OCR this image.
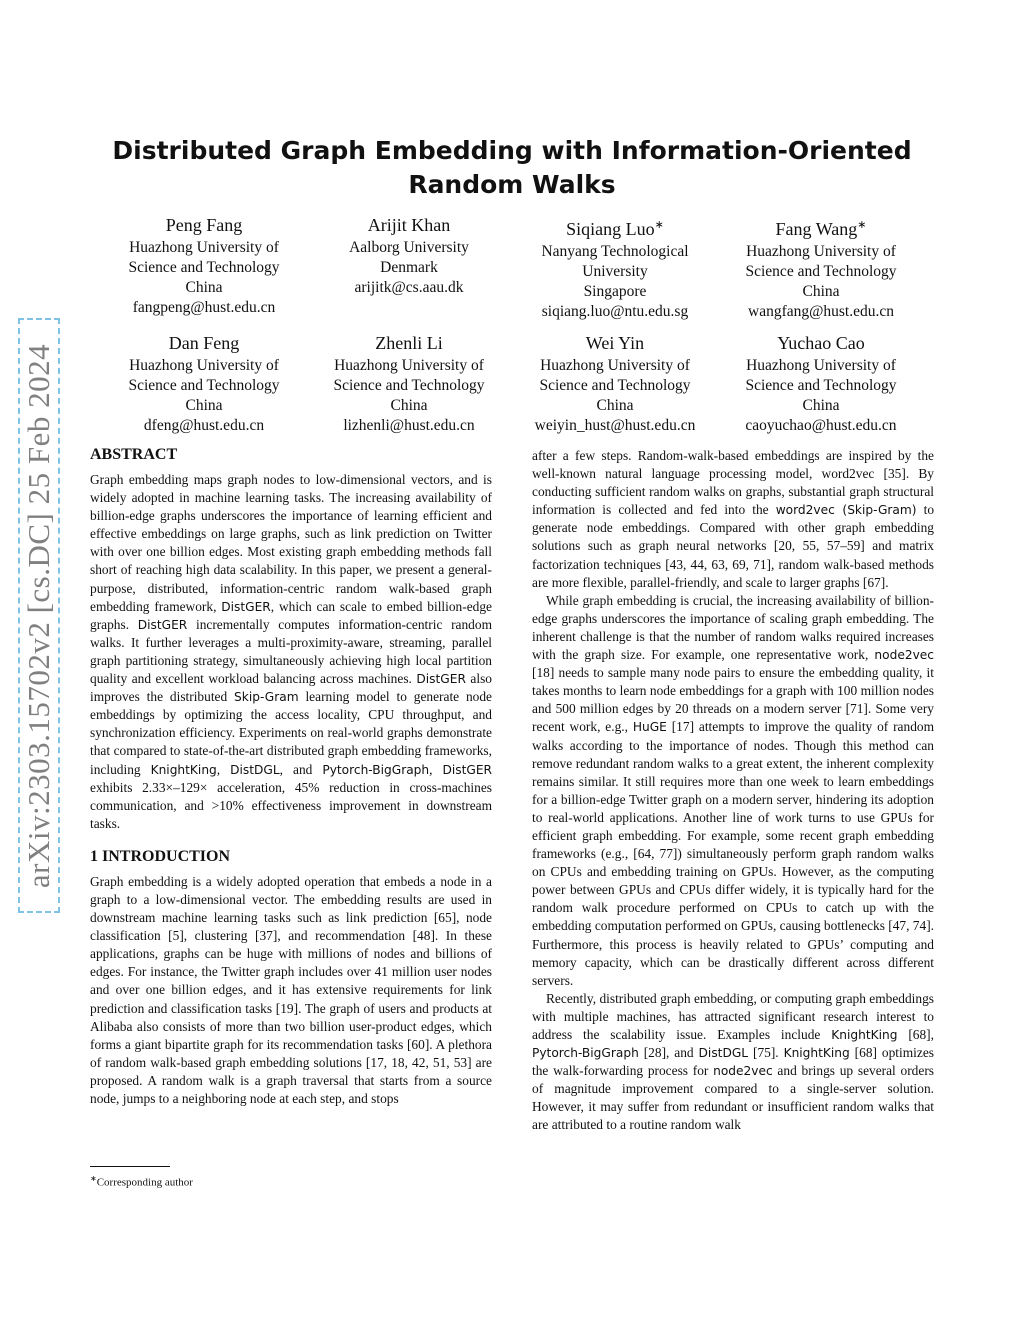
arXiv:2303.15702v2 [cs.DC] 25 Feb 2024
Distributed Graph Embedding with Information-Oriented
Random Walks
Peng Fang
Huazhong University of
Science and Technology
China
fangpeng@hust.edu.cn
Arijit Khan
Aalborg University
Denmark
arijitk@cs.aau.dk
Siqiang Luo∗
Nanyang Technological
University
Singapore
siqiang.luo@ntu.edu.sg
Fang Wang∗
Huazhong University of
Science and Technology
China
wangfang@hust.edu.cn
Dan Feng
Huazhong University of
Science and Technology
China
dfeng@hust.edu.cn
Zhenli Li
Huazhong University of
Science and Technology
China
lizhenli@hust.edu.cn
Wei Yin
Huazhong University of
Science and Technology
China
weiyin_hust@hust.edu.cn
Yuchao Cao
Huazhong University of
Science and Technology
China
caoyuchao@hust.edu.cn
ABSTRACT

Graph embedding maps graph nodes to low-dimensional vectors, and is widely adopted in machine learning tasks. The increasing availability of billion-edge graphs underscores the importance of learning efficient and effective embeddings on large graphs, such as link prediction on Twitter with over one billion edges. Most existing graph embedding methods fall short of reaching high data scalability. In this paper, we present a general-purpose, distributed, information-centric random walk-based graph embedding framework, DistGER, which can scale to embed billion-edge graphs. DistGER incrementally computes information-centric random walks. It further leverages a multi-proximity-aware, streaming, parallel graph partitioning strategy, simultaneously achieving high local partition quality and excellent workload balancing across machines. DistGER also improves the distributed Skip-Gram learning model to generate node embeddings by optimizing the access locality, CPU throughput, and synchronization efficiency. Experiments on real-world graphs demonstrate that compared to state-of-the-art distributed graph embedding frameworks, including KnightKing, DistDGL, and Pytorch-BigGraph, DistGER exhibits 2.33×–129× acceleration, 45% reduction in cross-machines communication, and >10% effectiveness improvement in downstream tasks.

1 INTRODUCTION

Graph embedding is a widely adopted operation that embeds a node in a graph to a low-dimensional vector. The embedding results are used in downstream machine learning tasks such as link prediction [65], node classification [5], clustering [37], and recommendation [48]. In these applications, graphs can be huge with millions of nodes and billions of edges. For instance, the Twitter graph includes over 41 million user nodes and over one billion edges, and it has extensive requirements for link prediction and classification tasks [19]. The graph of users and products at Alibaba also consists of more than two billion user-product edges, which forms a giant bipartite graph for its recommendation tasks [60]. A plethora of random walk-based graph embedding solutions [17, 18, 42, 51, 53] are proposed. A random walk is a graph traversal that starts from a source node, jumps to a neighboring node at each step, and stops

after a few steps. Random-walk-based embeddings are inspired by the well-known natural language processing model, word2vec [35]. By conducting sufficient random walks on graphs, substantial graph structural information is collected and fed into the word2vec (Skip-Gram) to generate node embeddings. Compared with other graph embedding solutions such as graph neural networks [20, 55, 57–59] and matrix factorization techniques [43, 44, 63, 69, 71], random walk-based methods are more flexible, parallel-friendly, and scale to larger graphs [67].

While graph embedding is crucial, the increasing availability of billion-edge graphs underscores the importance of scaling graph embedding. The inherent challenge is that the number of random walks required increases with the graph size. For example, one representative work, node2vec [18] needs to sample many node pairs to ensure the embedding quality, it takes months to learn node embeddings for a graph with 100 million nodes and 500 million edges by 20 threads on a modern server [71]. Some very recent work, e.g., HuGE [17] attempts to improve the quality of random walks according to the importance of nodes. Though this method can remove redundant random walks to a great extent, the inherent complexity remains similar. It still requires more than one week to learn embeddings for a billion-edge Twitter graph on a modern server, hindering its adoption to real-world applications. Another line of work turns to use GPUs for efficient graph embedding. For example, some recent graph embedding frameworks (e.g., [64, 77]) simultaneously perform graph random walks on CPUs and embedding training on GPUs. However, as the computing power between GPUs and CPUs differ widely, it is typically hard for the random walk procedure performed on CPUs to catch up with the embedding computation performed on GPUs, causing bottlenecks [47, 74]. Furthermore, this process is heavily related to GPUs’ computing and memory capacity, which can be drastically different across different servers.

Recently, distributed graph embedding, or computing graph embeddings with multiple machines, has attracted significant research interest to address the scalability issue. Examples include KnightKing [68], Pytorch-BigGraph [28], and DistDGL [75]. KnightKing [68] optimizes the walk-forwarding process for node2vec and brings up several orders of magnitude improvement compared to a single-server solution. However, it may suffer from redundant or insufficient random walks that are attributed to a routine random walk

∗Corresponding author
